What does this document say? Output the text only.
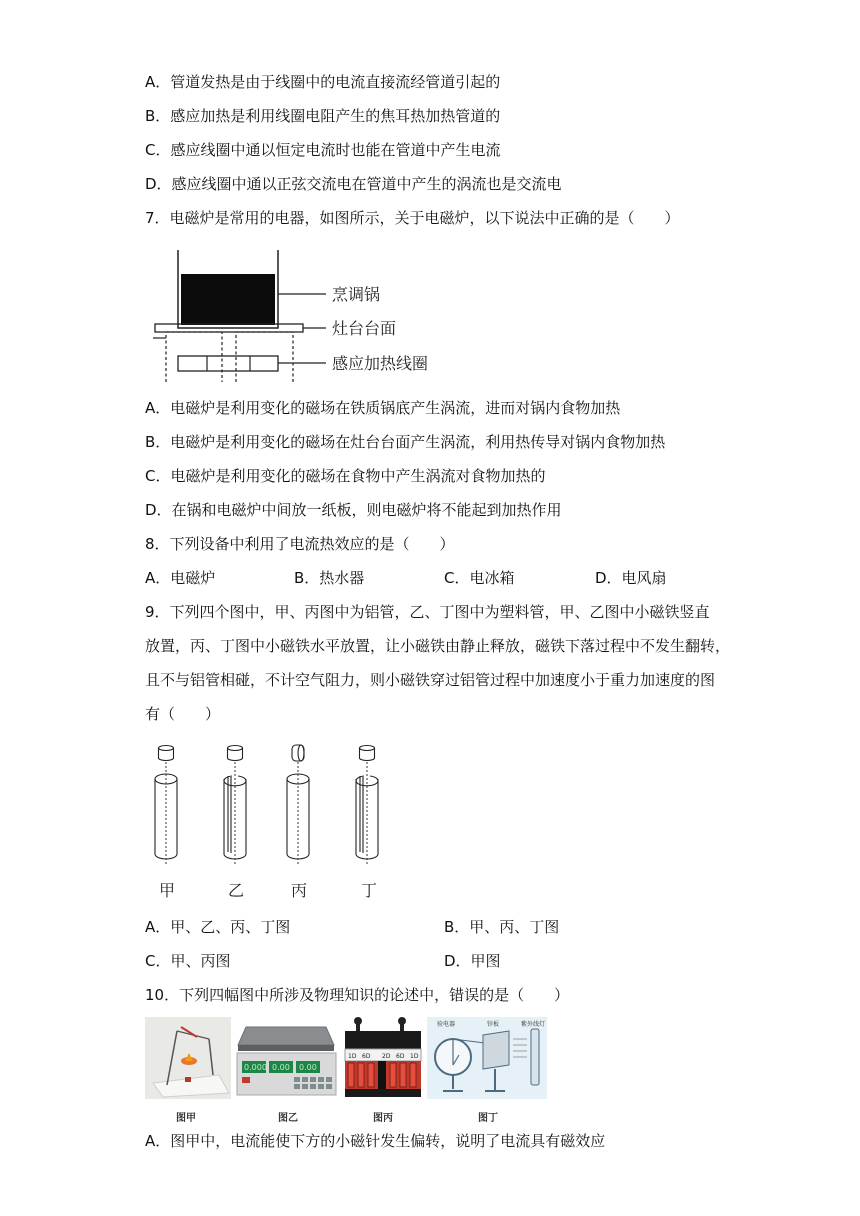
A．管道发热是由于线圈中的电流直接流经管道引起的
B．感应加热是利用线圈电阻产生的焦耳热加热管道的
C．感应线圈中通以恒定电流时也能在管道中产生电流
D．感应线圈中通以正弦交流电在管道中产生的涡流也是交流电
7．电磁炉是常用的电器，如图所示，关于电磁炉，以下说法中正确的是（　　）
烹调锅
灶台台面
感应加热线圈
A．电磁炉是利用变化的磁场在铁质锅底产生涡流，进而对锅内食物加热
B．电磁炉是利用变化的磁场在灶台台面产生涡流，利用热传导对锅内食物加热
C．电磁炉是利用变化的磁场在食物中产生涡流对食物加热的
D．在锅和电磁炉中间放一纸板，则电磁炉将不能起到加热作用
8．下列设备中利用了电流热效应的是（　　）
A．电磁炉	B．热水器	C．电冰箱	D．电风扇
9．下列四个图中，甲、丙图中为铝管，乙、丁图中为塑料管，甲、乙图中小磁铁竖直
放置，丙、丁图中小磁铁水平放置，让小磁铁由静止释放，磁铁下落过程中不发生翻转，
且不与铝管相碰，不计空气阻力，则小磁铁穿过铝管过程中加速度小于重力加速度的图
有（　　）
甲	乙	丙	丁
A．甲、乙、丙、丁图	B．甲、丙、丁图
C．甲、丙图	D．甲图
10．下列四幅图中所涉及物理知识的论述中，错误的是（　　）
0.000 0.00 0.00
1D 6D 2D 6D 1D
验电器	锌板	紫外线灯
图甲	图乙	图丙	图丁
A．图甲中，电流能使下方的小磁针发生偏转，说明了电流具有磁效应
